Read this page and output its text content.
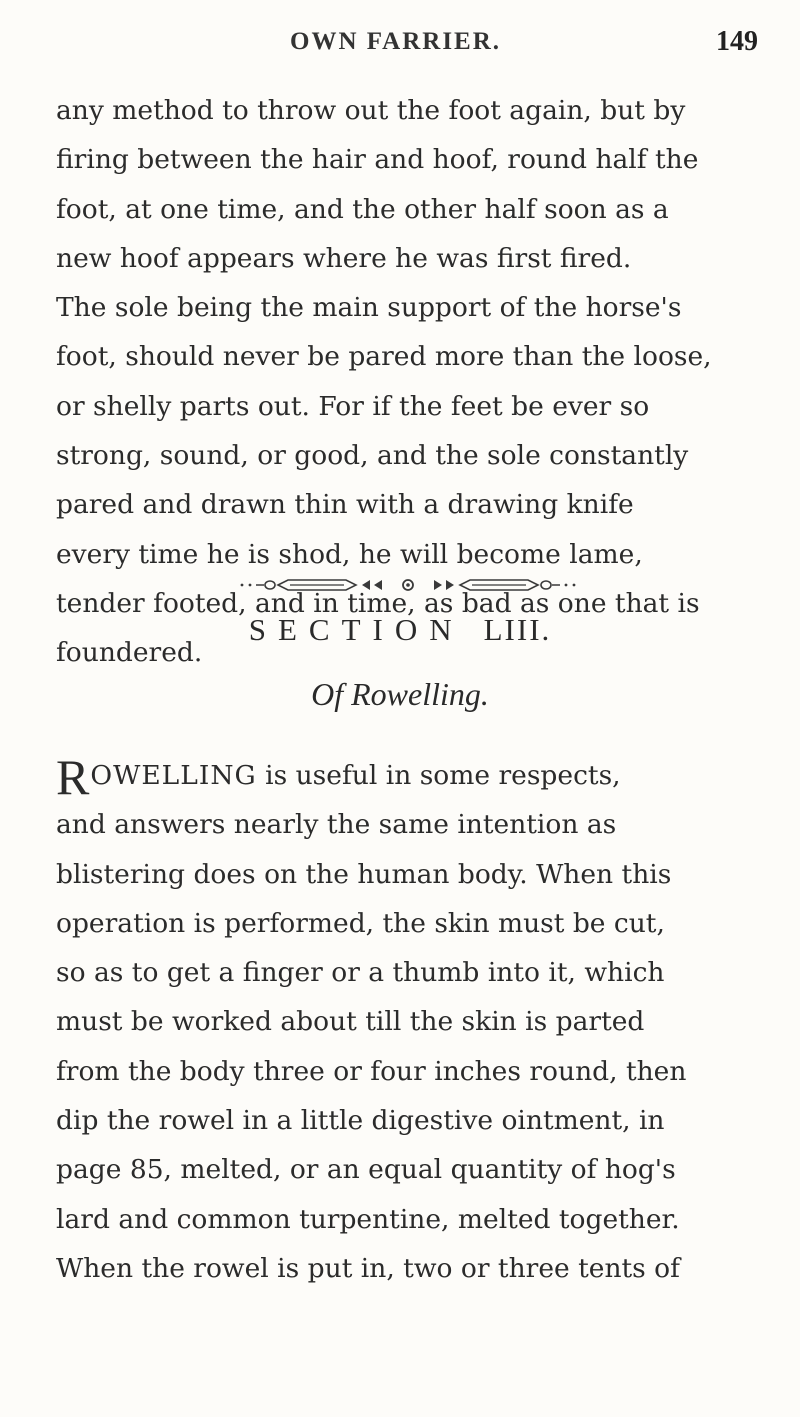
OWN FARRIER.	149
any method to throw out the foot again, but by
firing between the hair and hoof, round half the
foot, at one time, and the other half soon as a
new hoof appears where he was first fired.
The sole being the main support of the horse's
foot, should never be pared more than the loose,
or shelly parts out. For if the feet be ever so
strong, sound, or good, and the sole constantly
pared and drawn thin with a drawing knife
every time he is shod, he will become lame,
tender footed, and in time, as bad as one that is
foundered.
SECTION LIII.
Of Rowelling.
ROWELLING is useful in some respects,
and answers nearly the same intention as
blistering does on the human body. When this
operation is performed, the skin must be cut,
so as to get a finger or a thumb into it, which
must be worked about till the skin is parted
from the body three or four inches round, then
dip the rowel in a little digestive ointment, in
page 85, melted, or an equal quantity of hog's
lard and common turpentine, melted together.
When the rowel is put in, two or three tents of
